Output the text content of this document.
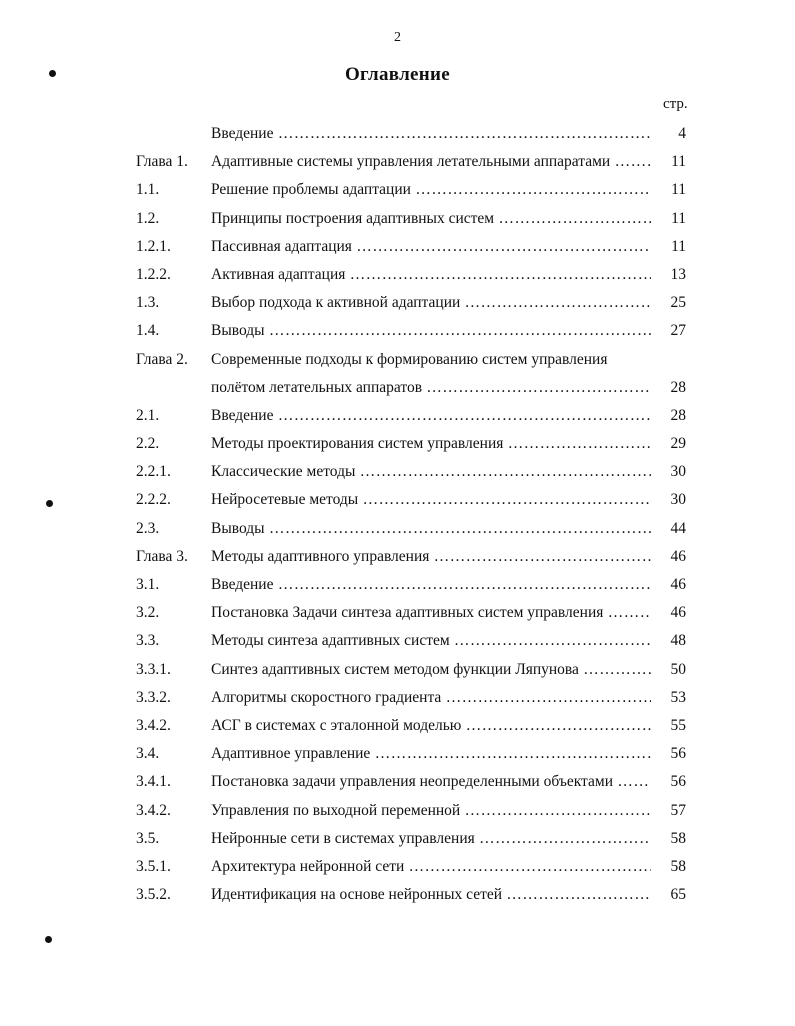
2
Оглавление
стр.
Введение …………………………………………………………………………………………………………………………………………	4
Глава 1. Адаптивные системы управления летательными аппаратами …………………………………………………………………………………………………………………………………………	11
1.1.	Решение проблемы адаптации …………………………………………………………………………………………………………………………………………	11
1.2.	Принципы построения адаптивных систем …………………………………………………………………………………………………………………………………………	11
1.2.1.	Пассивная адаптация …………………………………………………………………………………………………………………………………………	11
1.2.2.	Активная адаптация …………………………………………………………………………………………………………………………………………	13
1.3.	Выбор подхода к активной адаптации …………………………………………………………………………………………………………………………………………	25
1.4.	Выводы …………………………………………………………………………………………………………………………………………	27
Глава 2. Современные подходы к формированию систем управления
полётом летательных аппаратов …………………………………………………………………………………………………………………………………………	28
2.1.	Введение …………………………………………………………………………………………………………………………………………	28
2.2.	Методы проектирования систем управления …………………………………………………………………………………………………………………………………………	29
2.2.1.	Классические методы …………………………………………………………………………………………………………………………………………	30
2.2.2.	Нейросетевые методы …………………………………………………………………………………………………………………………………………	30
2.3.	Выводы …………………………………………………………………………………………………………………………………………	44
Глава 3. Методы адаптивного управления …………………………………………………………………………………………………………………………………………	46
3.1.	Введение …………………………………………………………………………………………………………………………………………	46
3.2.	Постановка Задачи синтеза адаптивных систем управления …………………………………………………………………………………………………………………………………………	46
3.3.	Методы синтеза адаптивных систем …………………………………………………………………………………………………………………………………………	48
3.3.1.	Синтез адаптивных систем методом функции Ляпунова …………………………………………………………………………………………………………………………………………	50
3.3.2.	Алгоритмы скоростного градиента …………………………………………………………………………………………………………………………………………	53
3.4.2.	АСГ в системах с эталонной моделью …………………………………………………………………………………………………………………………………………	55
3.4.	Адаптивное управление …………………………………………………………………………………………………………………………………………	56
3.4.1.	Постановка задачи управления неопределенными объектами …………………………………………………………………………………………………………………………………………	56
3.4.2.	Управления по выходной переменной …………………………………………………………………………………………………………………………………………	57
3.5.	Нейронные сети в системах управления …………………………………………………………………………………………………………………………………………	58
3.5.1.	Архитектура нейронной сети …………………………………………………………………………………………………………………………………………	58
3.5.2.	Идентификация на основе нейронных сетей …………………………………………………………………………………………………………………………………………	65
